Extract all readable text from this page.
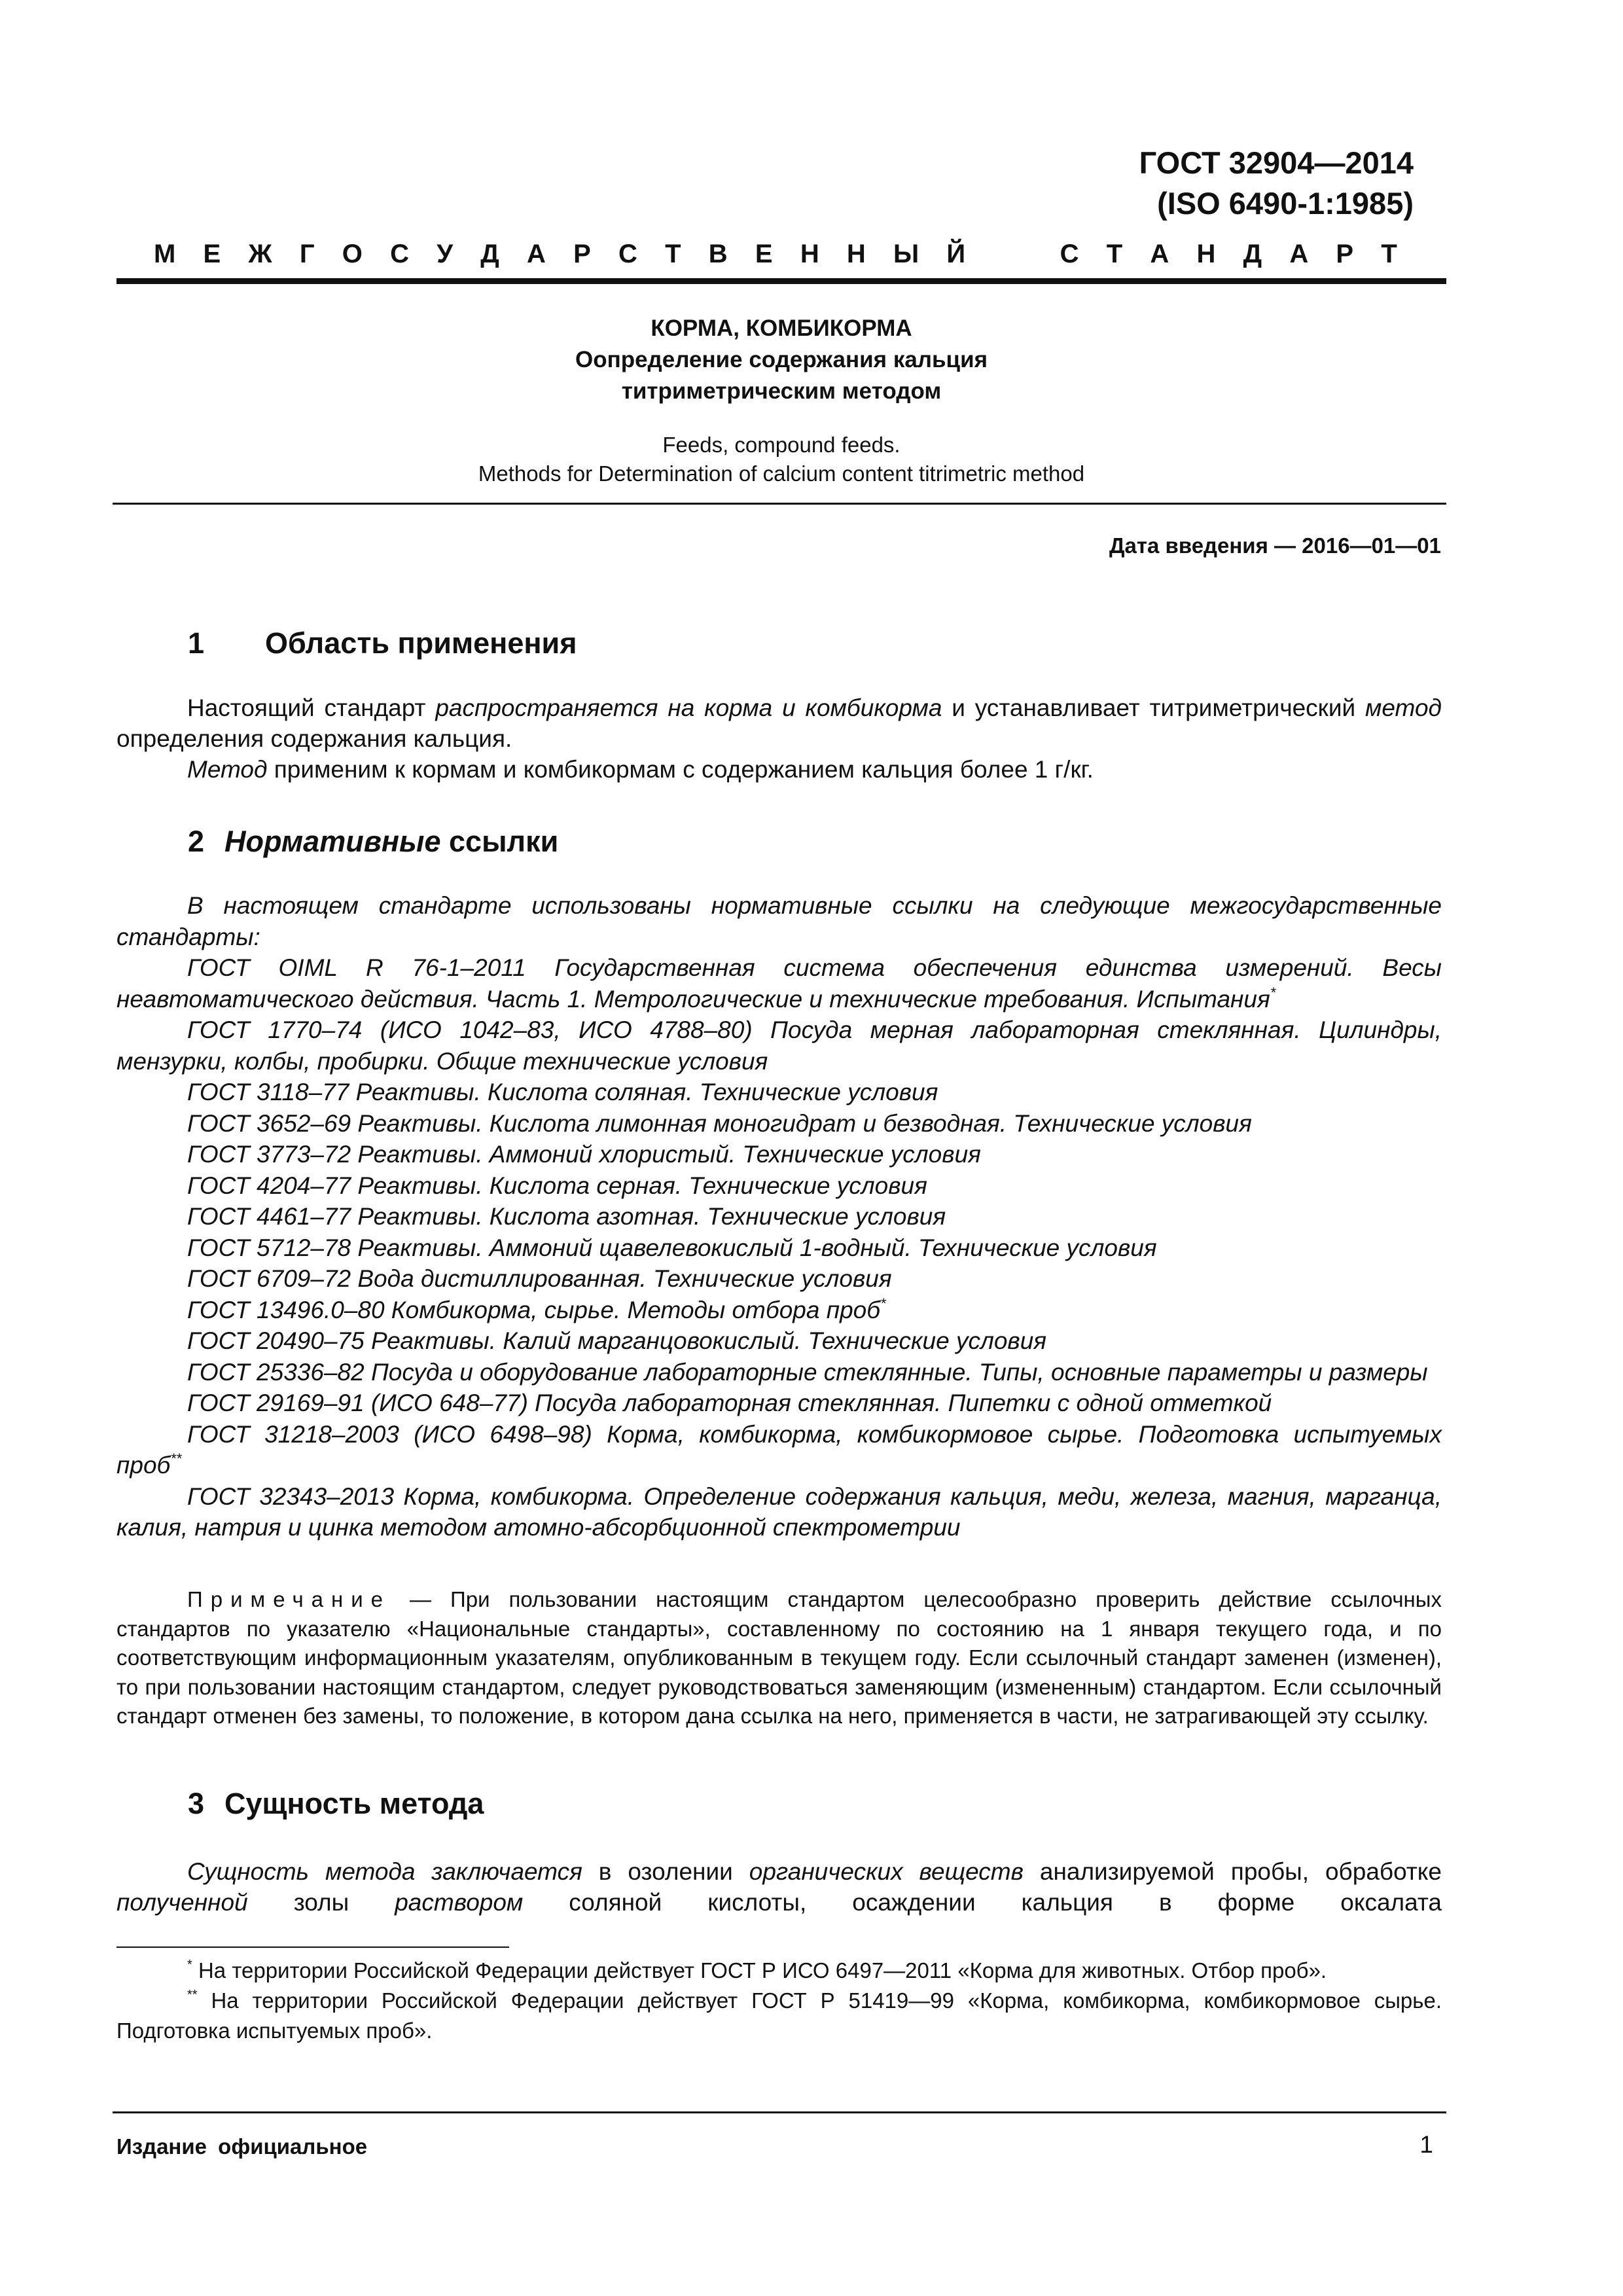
ГОСТ 32904—2014
(ISO 6490-1:1985)
М Е Ж Г О С У Д А Р С Т В Е Н Н Ы Й	С Т А Н Д А Р Т
КОРМА, КОМБИКОРМА
Оопределение содержания кальция
титриметрическим методом
Feeds, compound feeds.
Methods for Determination of calcium content titrimetric method
Дата введения — 2016—01—01
1 Область применения

Настоящий стандарт распространяется на корма и комбикорма и устанавливает титриметрический метод определения содержания кальция.

Метод применим к кормам и комбикормам с содержанием кальция более 1 г/кг.

2 Нормативные ссылки

В настоящем стандарте использованы нормативные ссылки на следующие межгосударственные стандарты:

ГОСТ OIML R 76-1–2011 Государственная система обеспечения единства измерений. Весы неавтоматического действия. Часть 1. Метрологические и технические требования. Испытания*

ГОСТ 1770–74 (ИСО 1042–83, ИСО 4788–80) Посуда мерная лабораторная стеклянная. Цилиндры, мензурки, колбы, пробирки. Общие технические условия

ГОСТ 3118–77 Реактивы. Кислота соляная. Технические условия

ГОСТ 3652–69 Реактивы. Кислота лимонная моногидрат и безводная. Технические условия

ГОСТ 3773–72 Реактивы. Аммоний хлористый. Технические условия

ГОСТ 4204–77 Реактивы. Кислота серная. Технические условия

ГОСТ 4461–77 Реактивы. Кислота азотная. Технические условия

ГОСТ 5712–78 Реактивы. Аммоний щавелевокислый 1-водный. Технические условия

ГОСТ 6709–72 Вода дистиллированная. Технические условия

ГОСТ 13496.0–80 Комбикорма, сырье. Методы отбора проб*

ГОСТ 20490–75 Реактивы. Калий марганцовокислый. Технические условия

ГОСТ 25336–82 Посуда и оборудование лабораторные стеклянные. Типы, основные параметры и размеры

ГОСТ 29169–91 (ИСО 648–77) Посуда лабораторная стеклянная. Пипетки с одной отметкой

ГОСТ 31218–2003 (ИСО 6498–98) Корма, комбикорма, комбикормовое сырье. Подготовка испытуемых проб**

ГОСТ 32343–2013 Корма, комбикорма. Определение содержания кальция, меди, железа, магния, марганца, калия, натрия и цинка методом атомно-абсорбционной спектрометрии

Примечание — При пользовании настоящим стандартом целесообразно проверить действие ссылочных стандартов по указателю «Национальные стандарты», составленному по состоянию на 1 января текущего года, и по соответствующим информационным указателям, опубликованным в текущем году. Если ссылочный стандарт заменен (изменен), то при пользовании настоящим стандартом, следует руководствоваться заменяющим (измененным) стандартом. Если ссылочный стандарт отменен без замены, то положение, в котором дана ссылка на него, применяется в части, не затрагивающей эту ссылку.

3 Сущность метода

Сущность метода заключается в озолении органических веществ анализируемой пробы, обработке полученной золы раствором соляной кислоты, осаждении кальция в форме оксалата

* На территории Российской Федерации действует ГОСТ Р ИСО 6497—2011 «Корма для животных. Отбор проб».

** На территории Российской Федерации действует ГОСТ Р 51419—99 «Корма, комбикорма, комбикормовое сырье. Подготовка испытуемых проб».

Издание официальное	1
